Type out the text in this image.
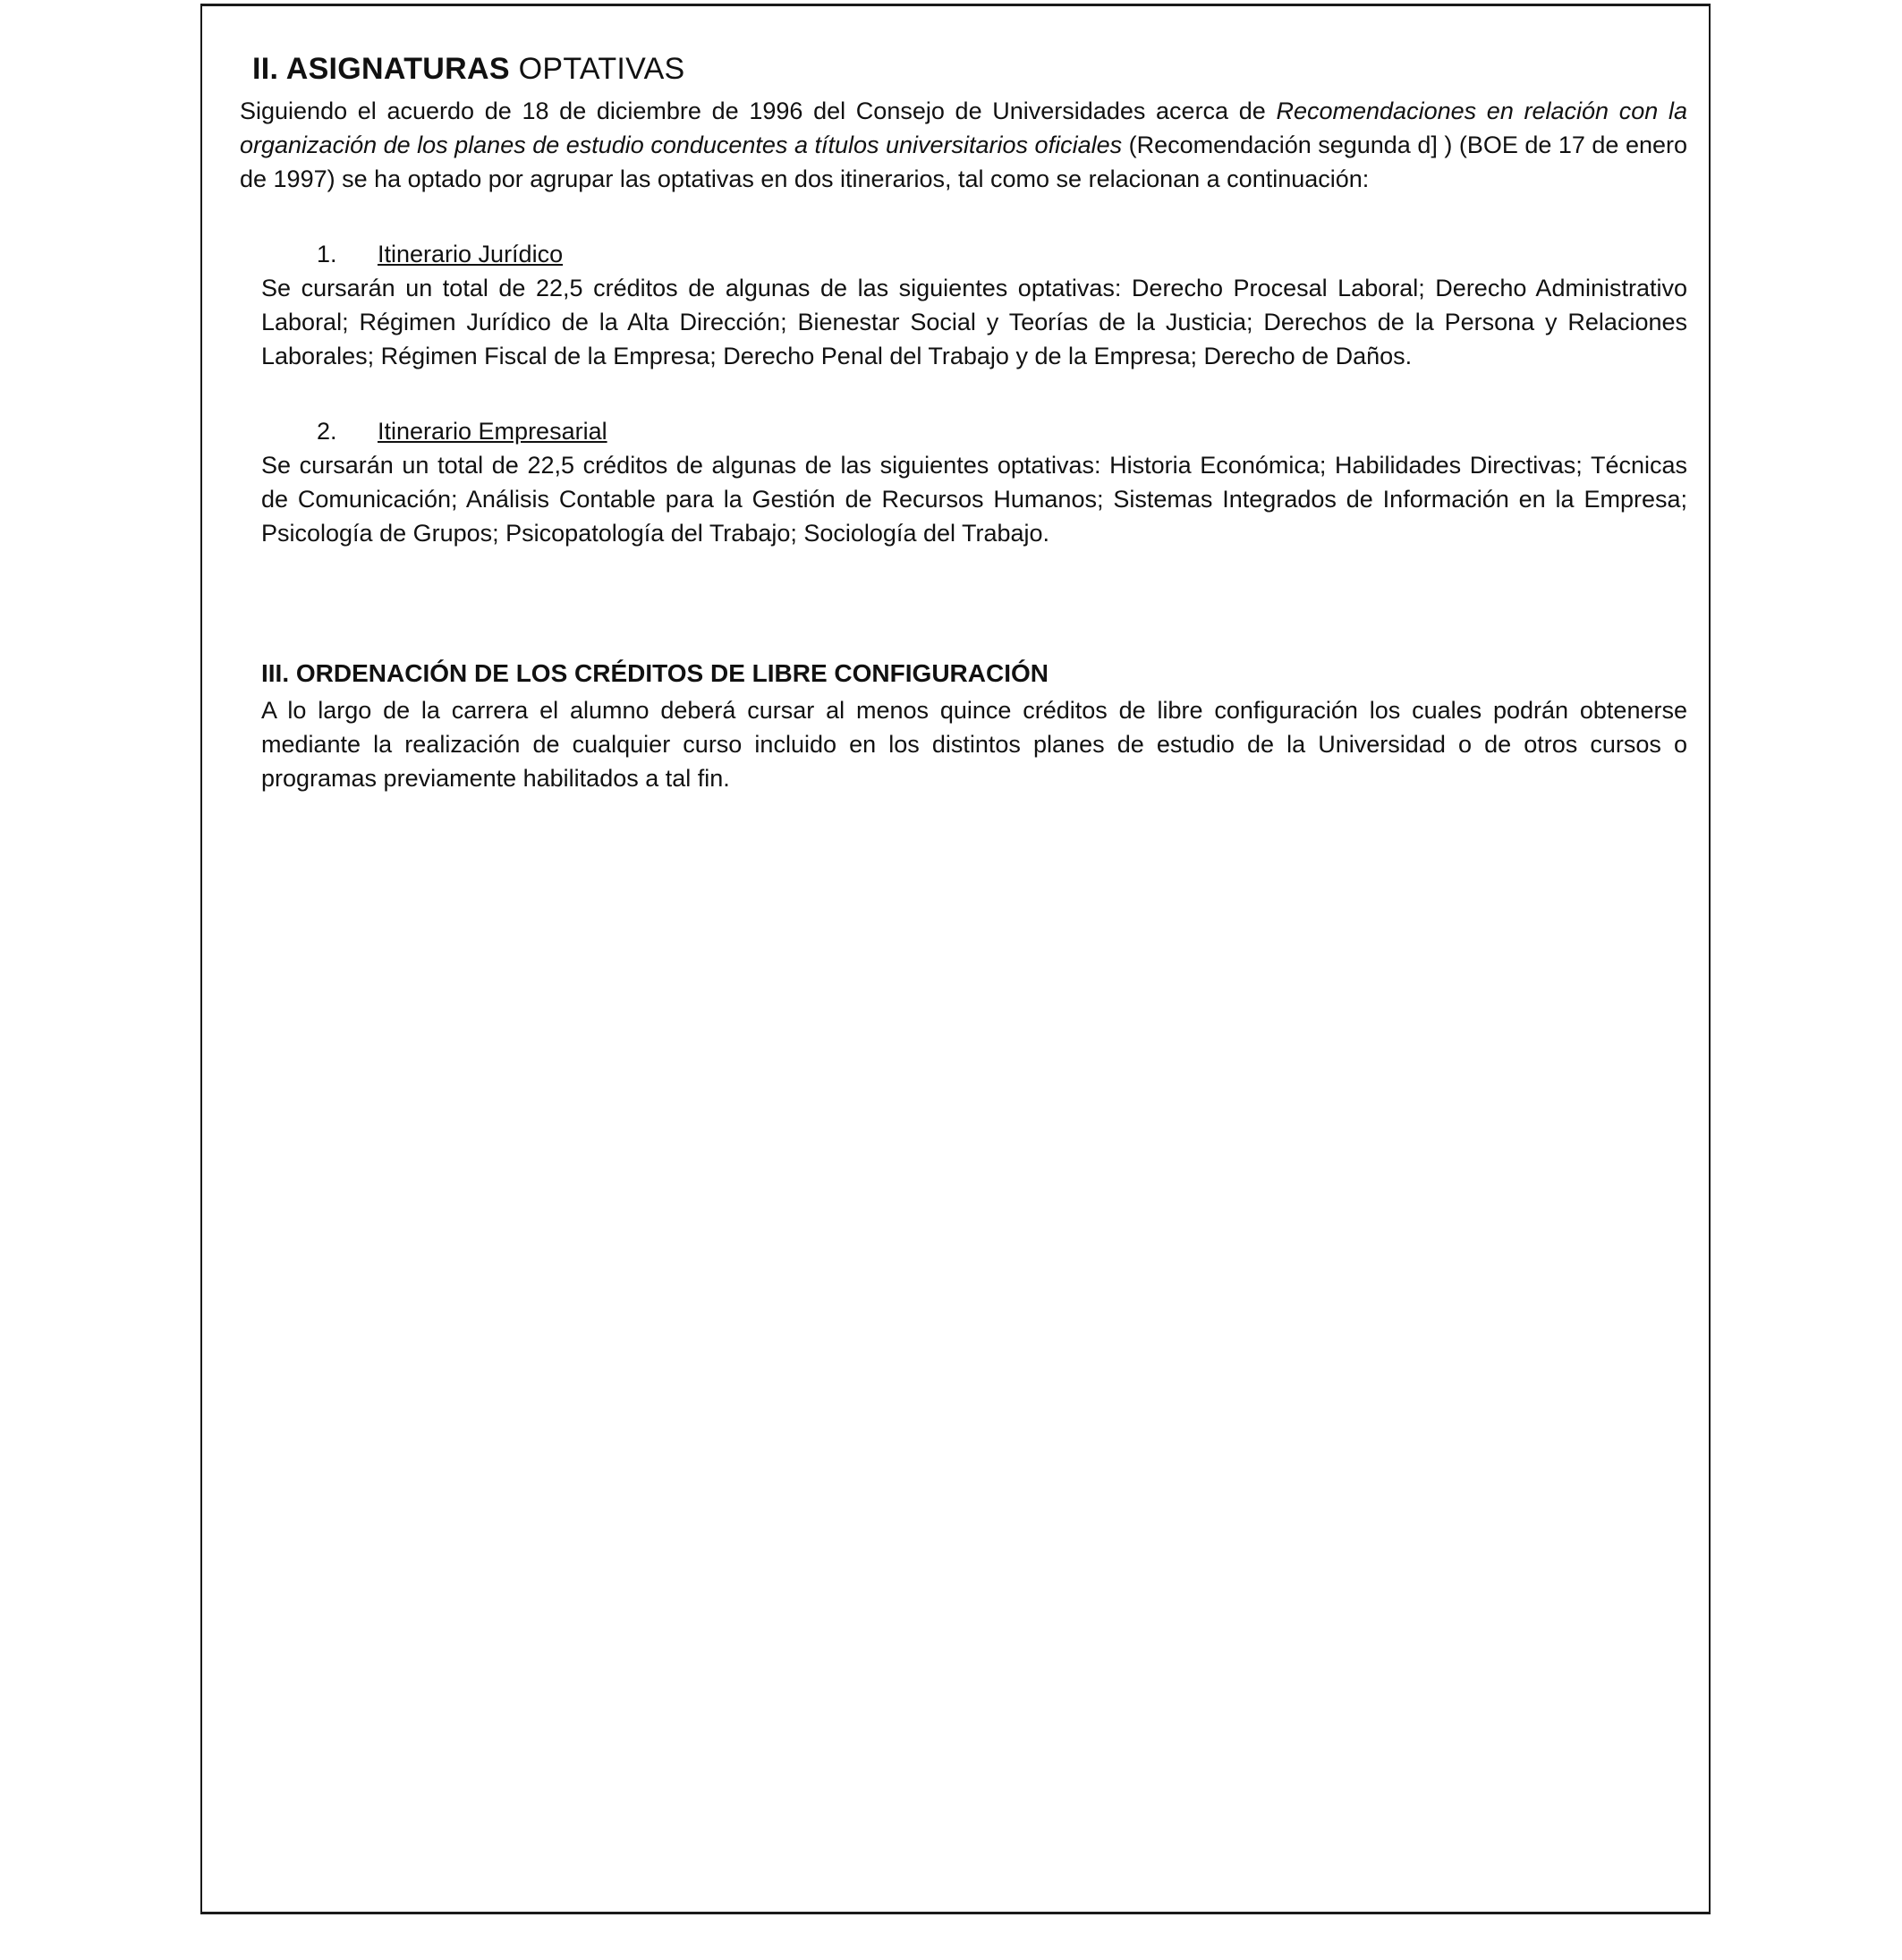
II. ASIGNATURAS OPTATIVAS

Siguiendo el acuerdo de 18 de diciembre de 1996 del Consejo de Universidades acerca de Recomendaciones en relación con la organización de los planes de estudio conducentes a títulos universitarios oficiales (Recomendación segunda d] ) (BOE de 17 de enero de 1997) se ha optado por agrupar las optativas en dos itinerarios, tal como se relacionan a continuación:

1. Itinerario Jurídico

Se cursarán un total de 22,5 créditos de algunas de las siguientes optativas: Derecho Procesal Laboral; Derecho Administrativo Laboral; Régimen Jurídico de la Alta Dirección; Bienestar Social y Teorías de la Justicia; Derechos de la Persona y Relaciones Laborales; Régimen Fiscal de la Empresa; Derecho Penal del Trabajo y de la Empresa; Derecho de Daños.

2. Itinerario Empresarial

Se cursarán un total de 22,5 créditos de algunas de las siguientes optativas: Historia Económica; Habilidades Directivas; Técnicas de Comunicación; Análisis Contable para la Gestión de Recursos Humanos; Sistemas Integrados de Información en la Empresa; Psicología de Grupos; Psicopatología del Trabajo; Sociología del Trabajo.

III. ORDENACIÓN DE LOS CRÉDITOS DE LIBRE CONFIGURACIÓN

A lo largo de la carrera el alumno deberá cursar al menos quince créditos de libre configuración los cuales podrán obtenerse mediante la realización de cualquier curso incluido en los distintos planes de estudio de la Universidad o de otros cursos o programas previamente habilitados a tal fin.
